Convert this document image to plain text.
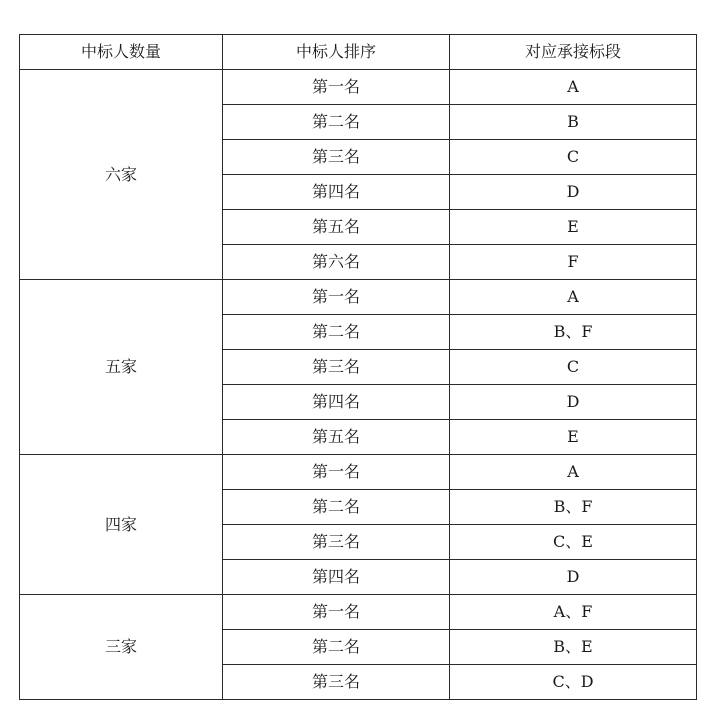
中标人数量	中标人排序	对应承接标段
六家	第一名	A
	第二名	B
	第三名	C
	第四名	D
	第五名	E
	第六名	F
五家	第一名	A
	第二名	B、F
	第三名	C
	第四名	D
	第五名	E
四家	第一名	A
	第二名	B、F
	第三名	C、E
	第四名	D
三家	第一名	A、F
	第二名	B、E
	第三名	C、D
